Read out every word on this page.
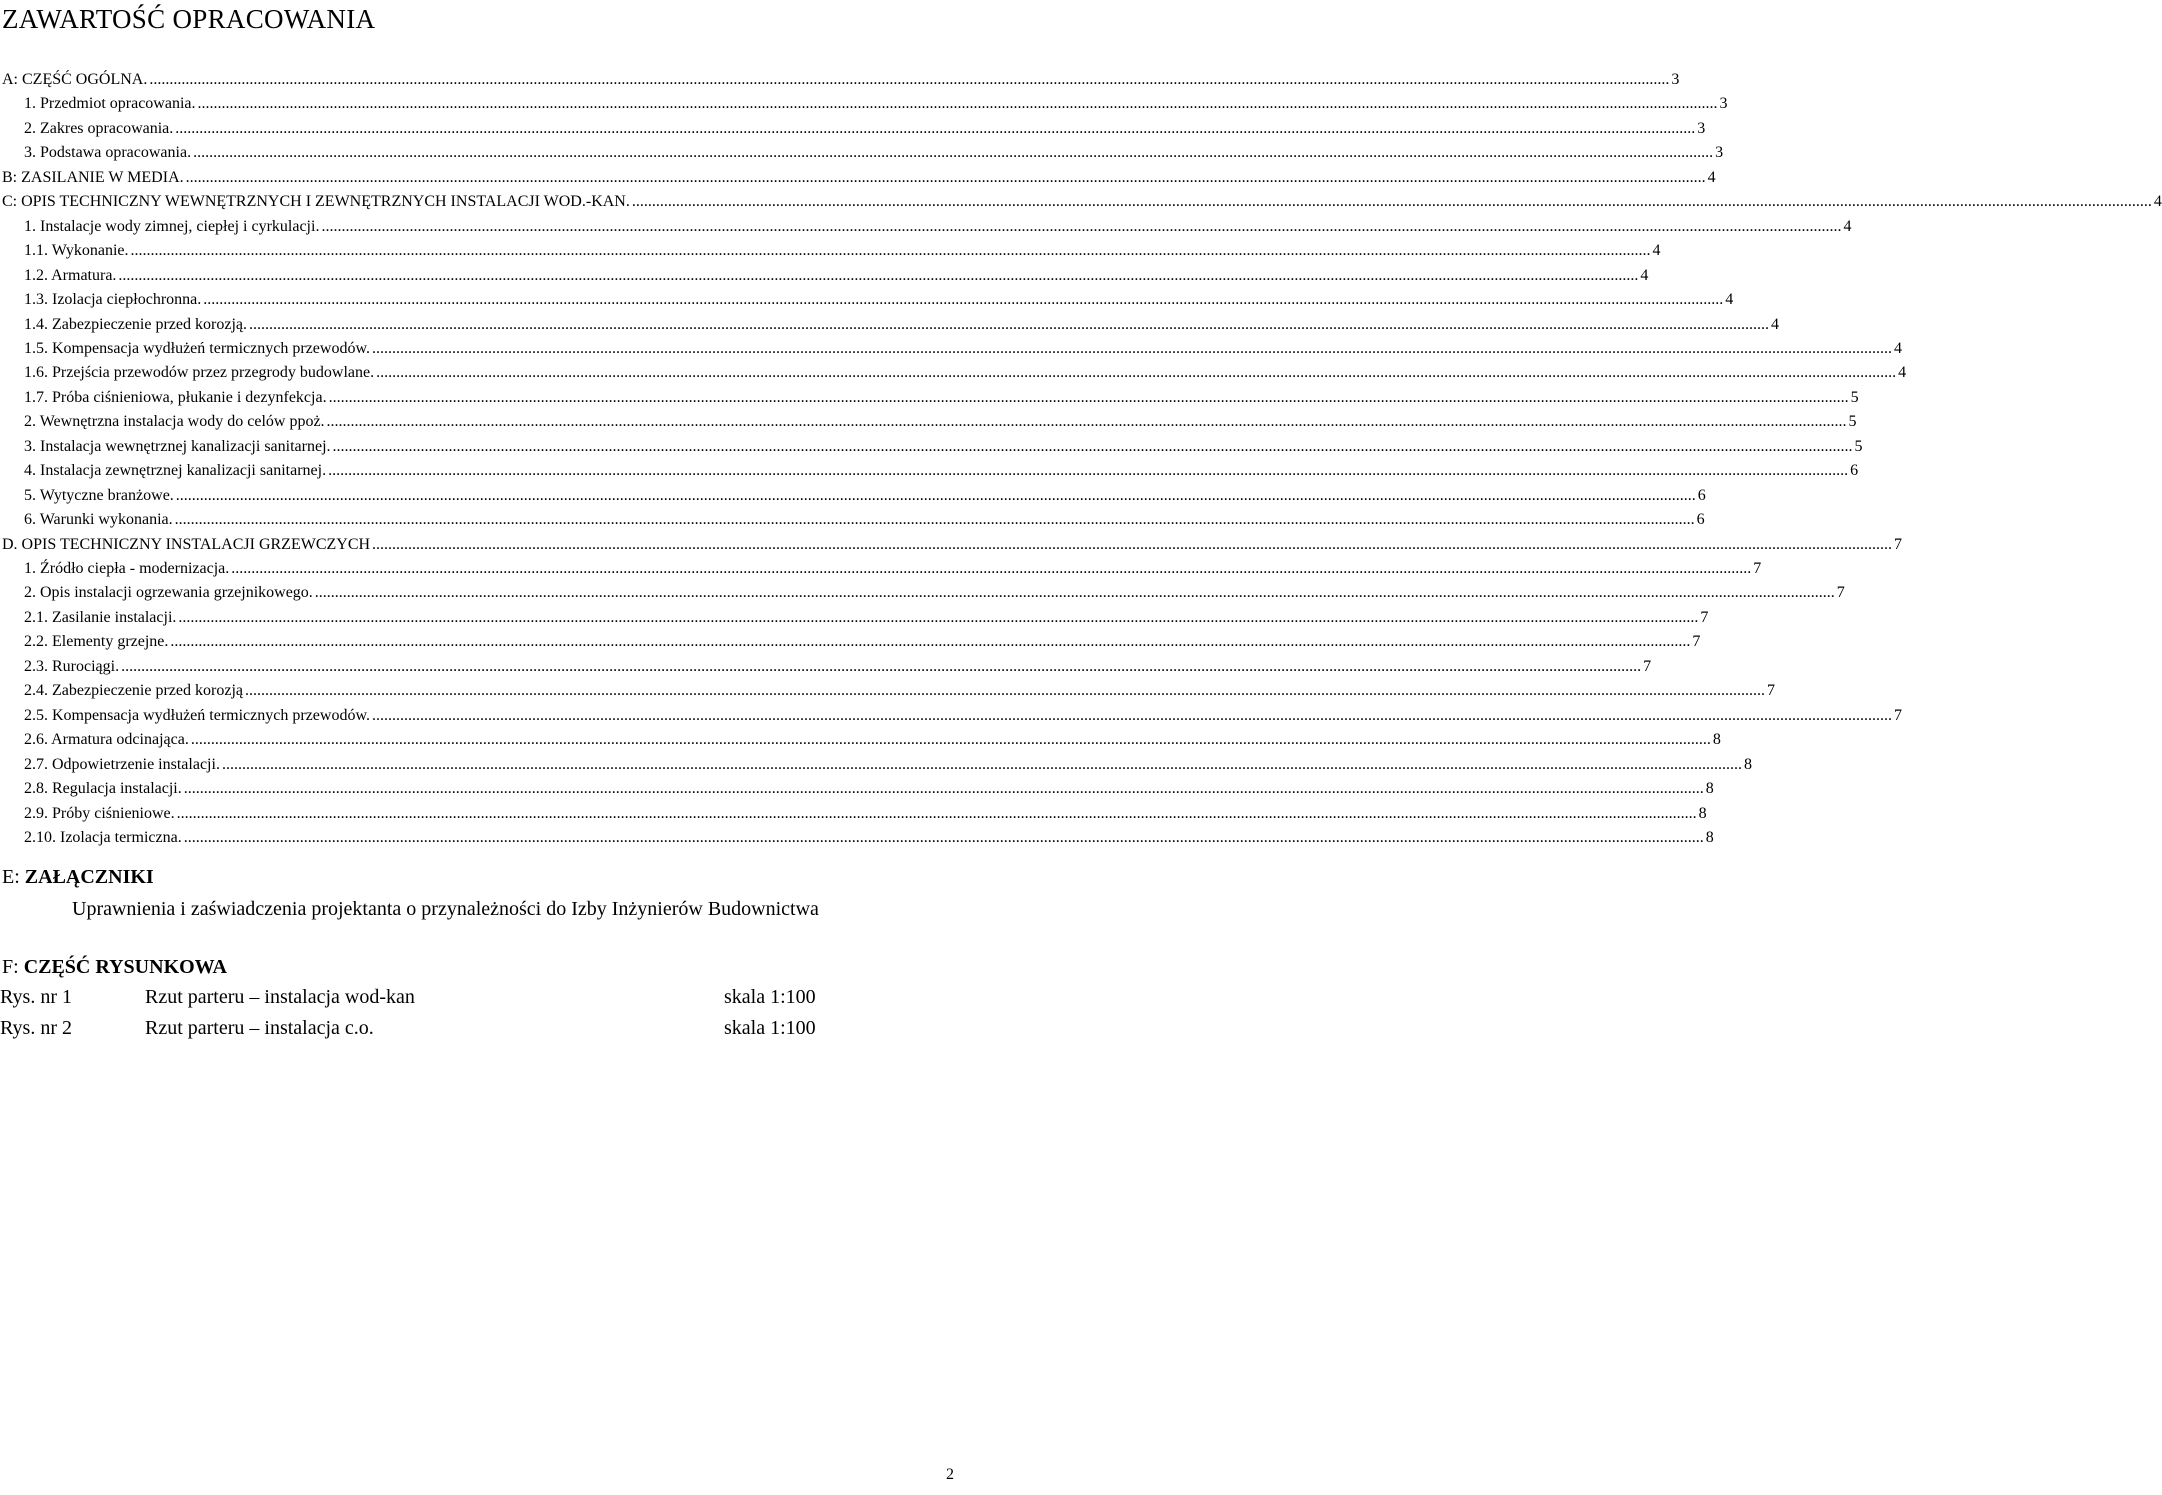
ZAWARTOŚĆ OPRACOWANIA
A: CZĘŚĆ OGÓLNA. .....	3
1. Przedmiot opracowania. .....	3
2. Zakres opracowania. .....	3
3. Podstawa opracowania. .....	3
B: ZASILANIE W MEDIA. .....	4
C: OPIS TECHNICZNY WEWNĘTRZNYCH I ZEWNĘTRZNYCH INSTALACJI WOD.-KAN. .....	4
1. Instalacje wody zimnej, ciepłej i cyrkulacji. .....	4
1.1. Wykonanie. .....	4
1.2. Armatura. .....	4
1.3. Izolacja ciepłochronna. .....	4
1.4. Zabezpieczenie przed korozją. .....	4
1.5. Kompensacja wydłużeń termicznych przewodów. .....	4
1.6. Przejścia przewodów przez przegrody budowlane. .....	4
1.7. Próba ciśnieniowa, płukanie i dezynfekcja. .....	5
2. Wewnętrzna instalacja wody do celów ppoż. .....	5
3. Instalacja wewnętrznej kanalizacji sanitarnej. .....	5
4. Instalacja zewnętrznej kanalizacji sanitarnej. .....	6
5. Wytyczne branżowe. .....	6
6. Warunki wykonania. .....	6
D. OPIS TECHNICZNY INSTALACJI GRZEWCZYCH .....	7
1. Źródło ciepła - modernizacja. .....	7
2. Opis instalacji ogrzewania grzejnikowego. .....	7
2.1. Zasilanie instalacji. .....	7
2.2. Elementy grzejne. .....	7
2.3. Rurociągi. .....	7
2.4. Zabezpieczenie przed korozją .....	7
2.5. Kompensacja wydłużeń termicznych przewodów. .....	7
2.6. Armatura odcinająca. .....	8
2.7. Odpowietrzenie instalacji. .....	8
2.8. Regulacja instalacji. .....	8
2.9. Próby ciśnieniowe. .....	8
2.10. Izolacja termiczna. .....	8
E: ZAŁĄCZNIKI
Uprawnienia i zaświadczenia projektanta o przynależności do Izby Inżynierów Budownictwa
F: CZĘŚĆ RYSUNKOWA
Rys. nr 1	Rzut parteru – instalacja wod-kan	skala 1:100
Rys. nr 2	Rzut parteru – instalacja c.o.	skala 1:100
2
